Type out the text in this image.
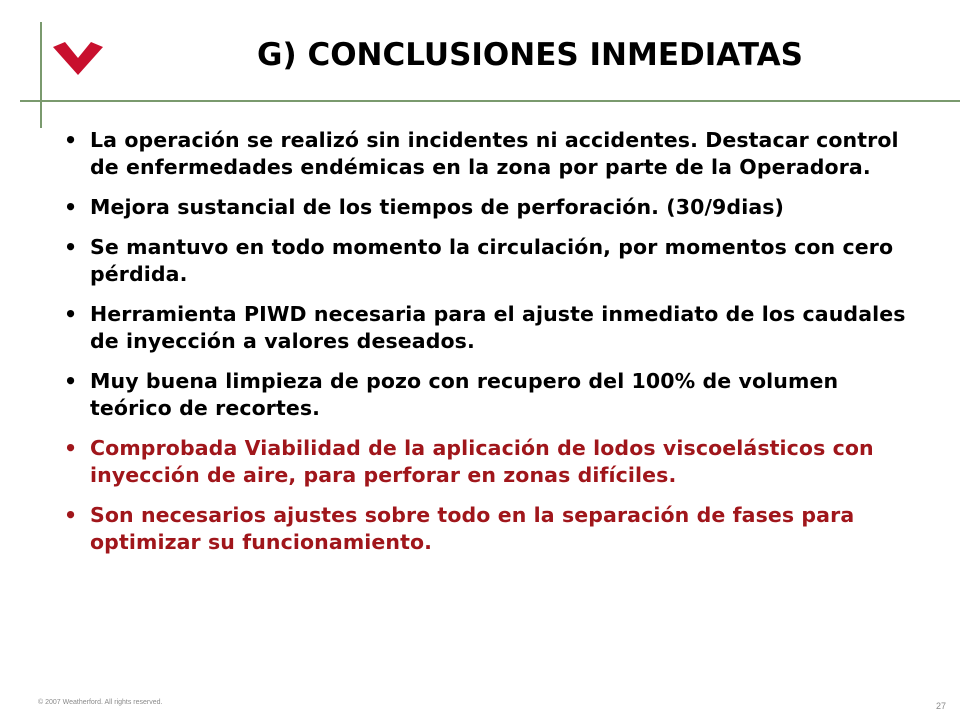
G) CONCLUSIONES INMEDIATAS
• La operación se realizó sin incidentes ni accidentes. Destacar control de enfermedades endémicas en la zona por parte de la Operadora.
• Mejora sustancial de los tiempos de perforación. (30/9dias)
• Se mantuvo en todo momento la circulación, por momentos con cero pérdida.
• Herramienta PIWD necesaria para el ajuste inmediato de los caudales de inyección a valores deseados.
• Muy buena limpieza de pozo con recupero del 100% de volumen teórico de recortes.
• Comprobada Viabilidad de la aplicación de lodos viscoelásticos con inyección de aire, para perforar en zonas difíciles.
• Son necesarios ajustes sobre todo en la separación de fases para optimizar su funcionamiento.
© 2007 Weatherford. All rights reserved.	27
